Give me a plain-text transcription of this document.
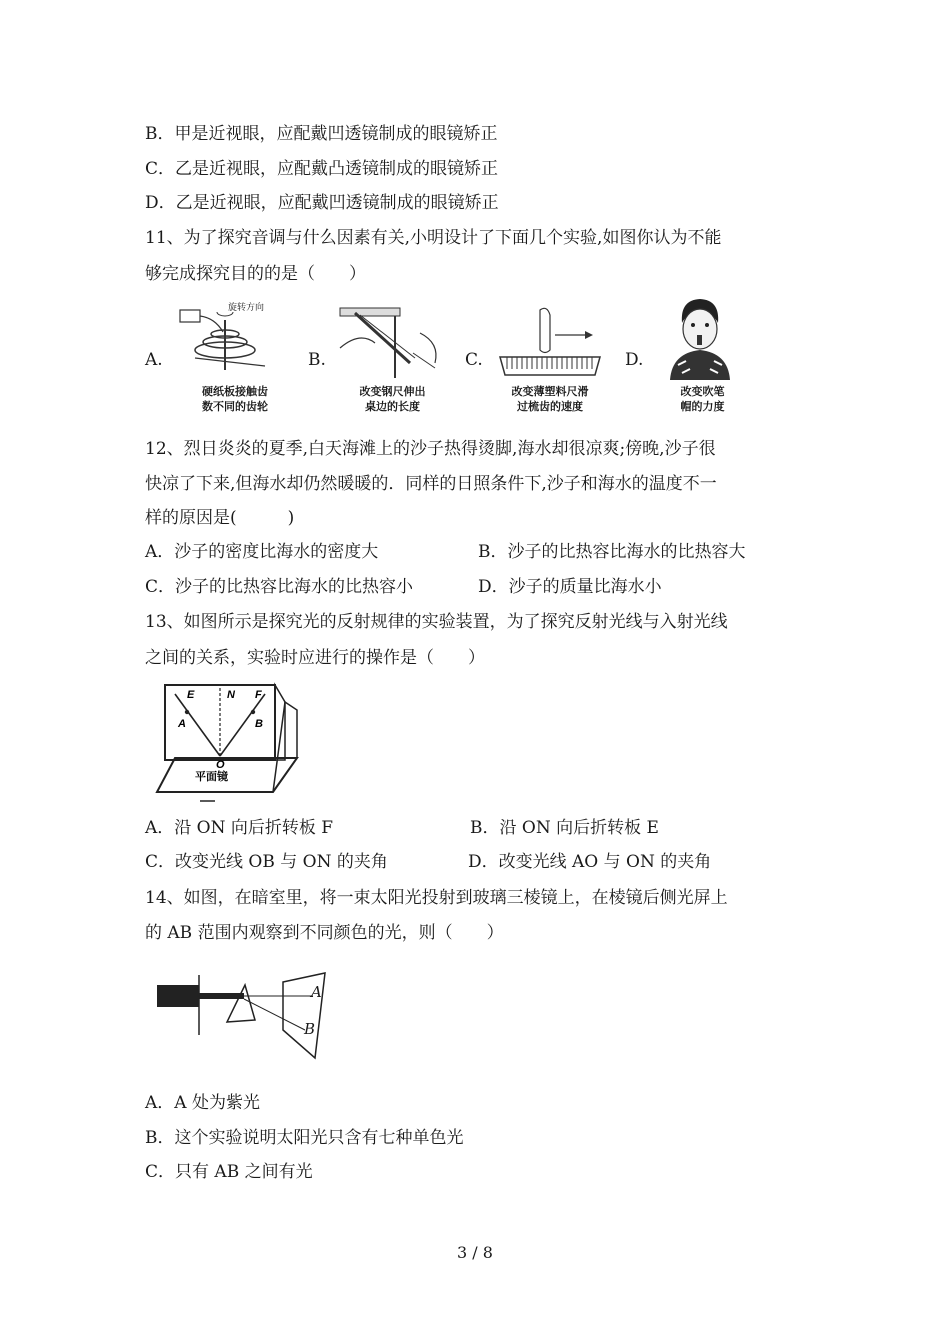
B．甲是近视眼，应配戴凹透镜制成的眼镜矫正
C．乙是近视眼，应配戴凸透镜制成的眼镜矫正
D．乙是近视眼，应配戴凹透镜制成的眼镜矫正
11、为了探究音调与什么因素有关,小明设计了下面几个实验,如图你认为不能
够完成探究目的的是（　　）
A.
旋转方向
硬纸板接触齿
数不同的齿轮
B.
改变钢尺伸出
桌边的长度
C.
改变薄塑料尺滑
过梳齿的速度
D.
改变吹笔
帽的力度
12、烈日炎炎的夏季,白天海滩上的沙子热得烫脚,海水却很凉爽;傍晚,沙子很
快凉了下来,但海水却仍然暖暖的．同样的日照条件下,沙子和海水的温度不一
样的原因是(　　　)
A．沙子的密度比海水的密度大	B．沙子的比热容比海水的比热容大
C．沙子的比热容比海水的比热容小	D．沙子的质量比海水小
13、如图所示是探究光的反射规律的实验装置，为了探究反射光线与入射光线
之间的关系，实验时应进行的操作是（　　）
E	N F
A	B
O
平面镜
A．沿 ON 向后折转板 F	B．沿 ON 向后折转板 E
C．改变光线 OB 与 ON 的夹角	D．改变光线 AO 与 ON 的夹角
14、如图，在暗室里，将一束太阳光投射到玻璃三棱镜上，在棱镜后侧光屏上
的 AB 范围内观察到不同颜色的光，则（　　）
A
B
A．A 处为紫光
B．这个实验说明太阳光只含有七种单色光
C．只有 AB 之间有光
3 / 8
